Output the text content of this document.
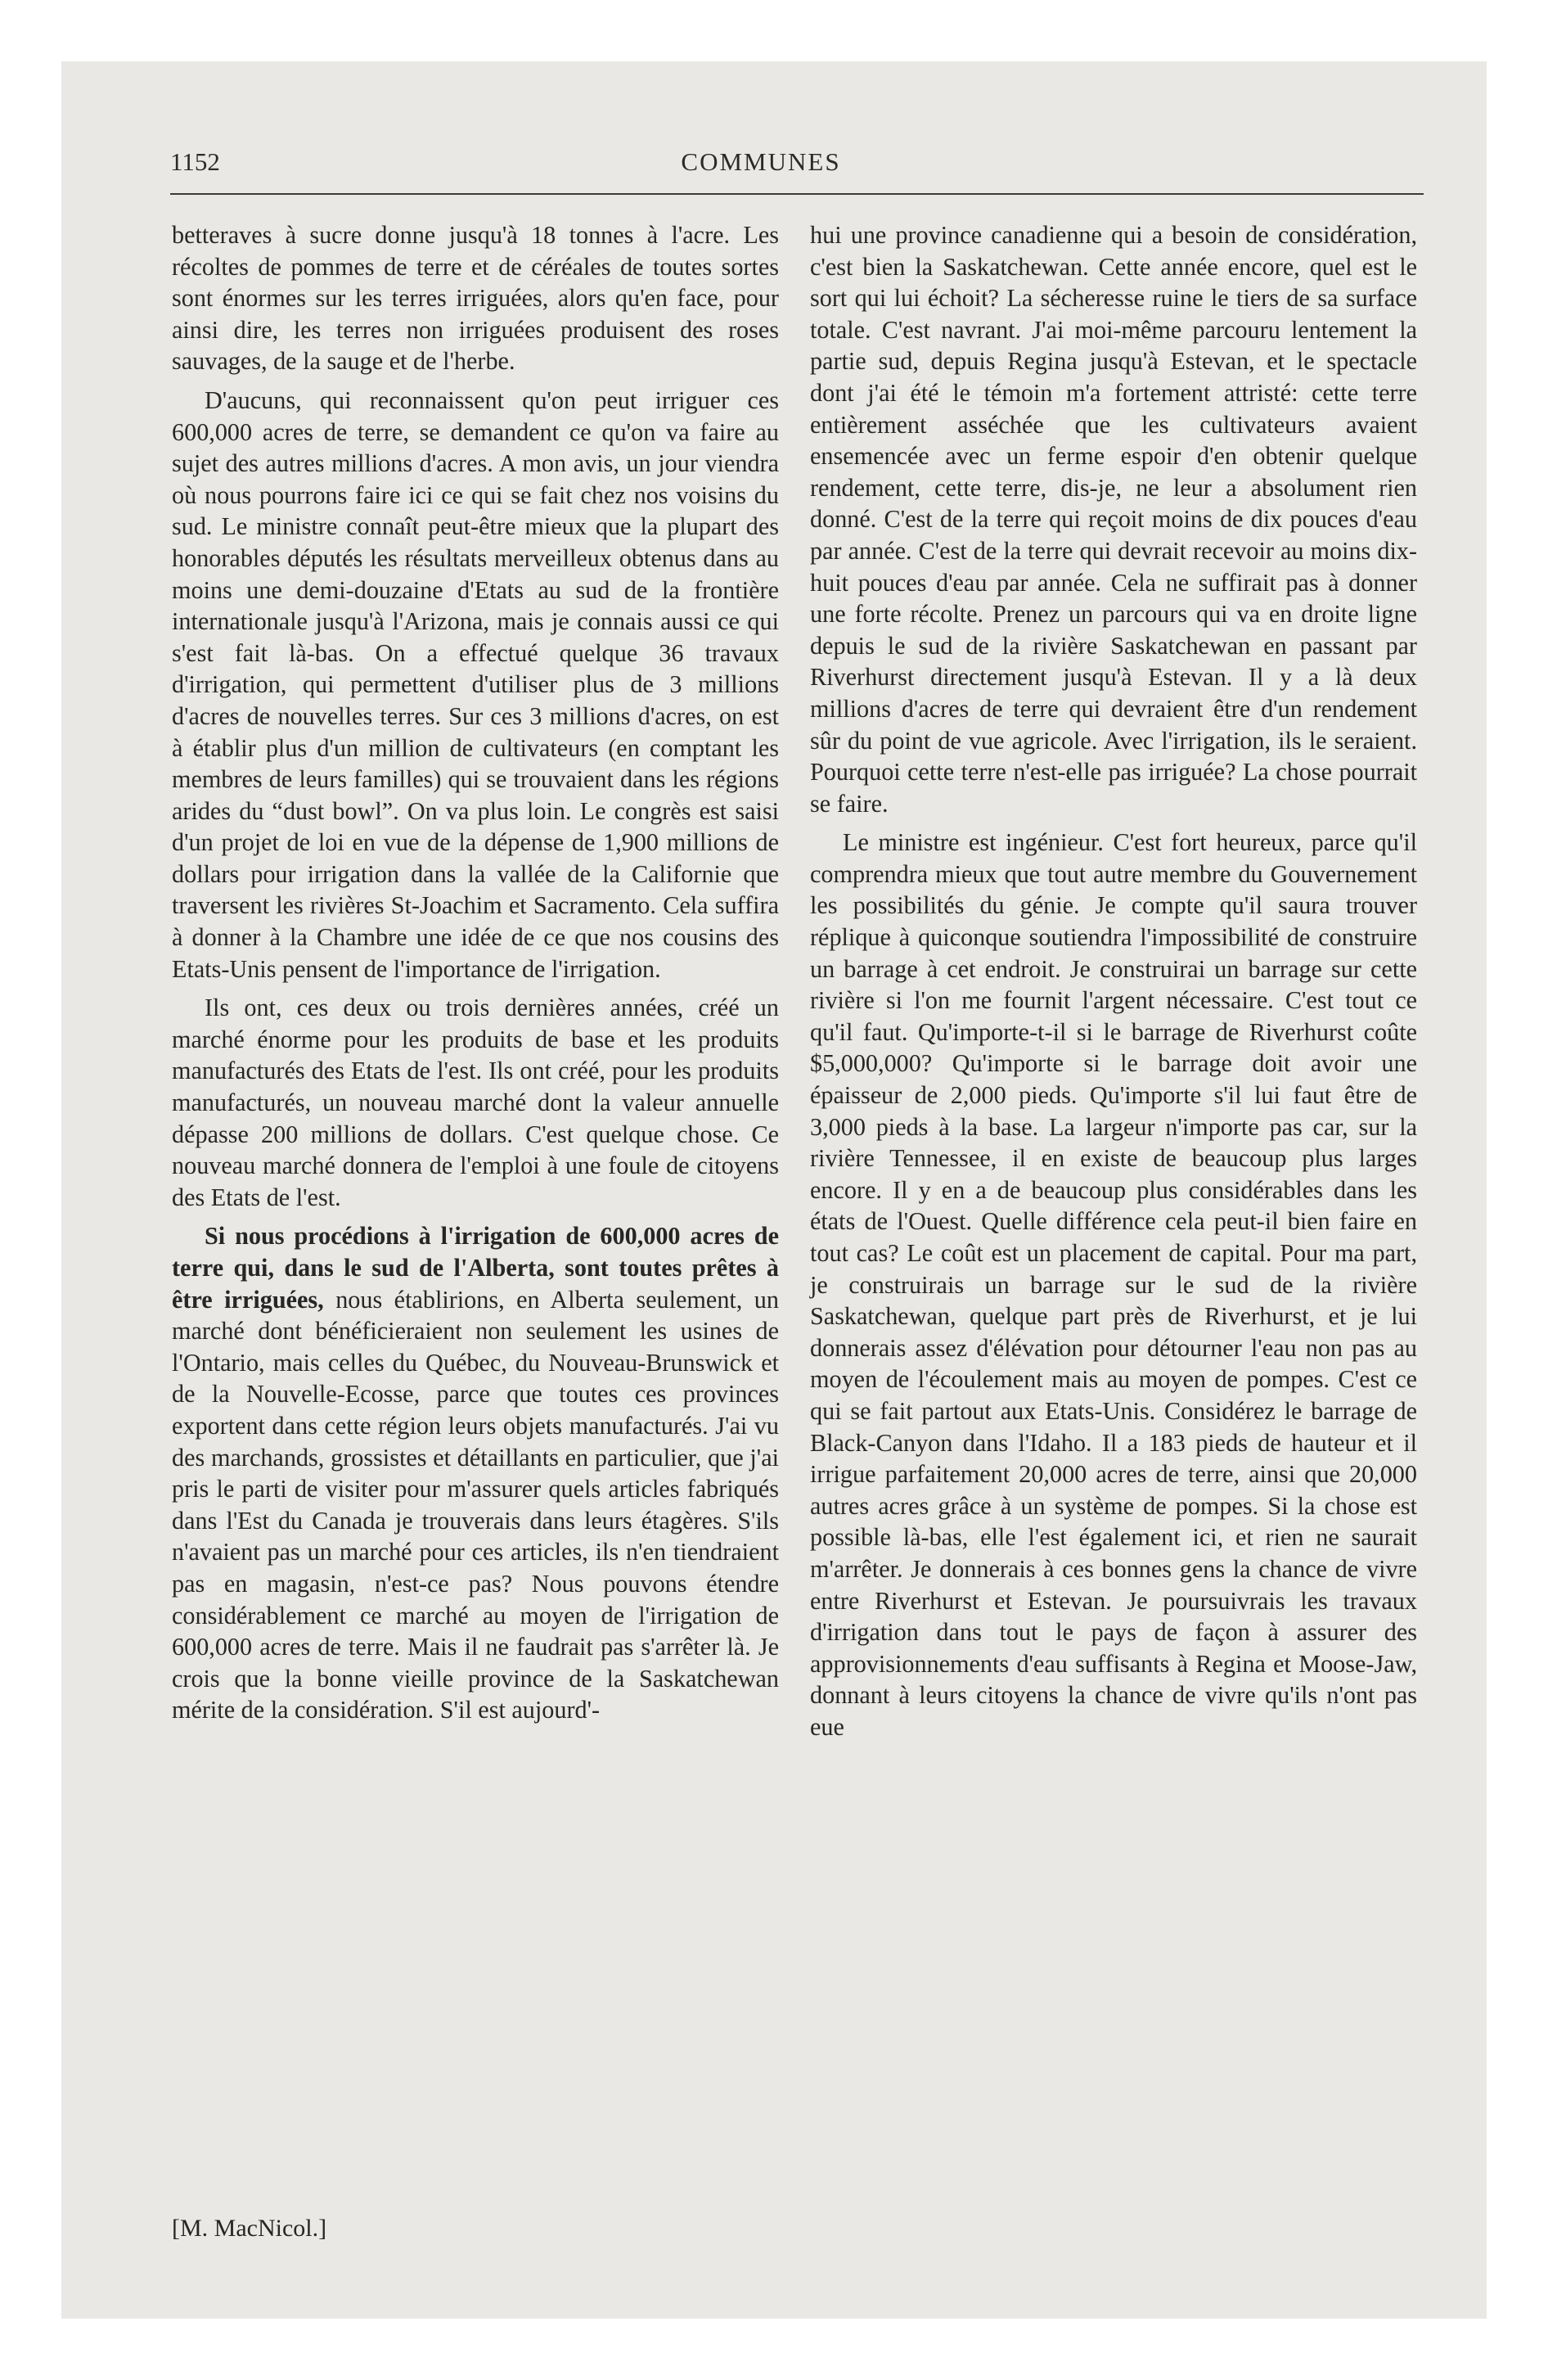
1152	COMMUNES

betteraves à sucre donne jusqu'à 18 tonnes à l'acre. Les récoltes de pommes de terre et de céréales de toutes sortes sont énormes sur les terres irriguées, alors qu'en face, pour ainsi dire, les terres non irriguées produisent des roses sauvages, de la sauge et de l'herbe.

D'aucuns, qui reconnaissent qu'on peut irriguer ces 600,000 acres de terre, se demandent ce qu'on va faire au sujet des autres millions d'acres. A mon avis, un jour viendra où nous pourrons faire ici ce qui se fait chez nos voisins du sud. Le ministre connaît peut-être mieux que la plupart des honorables députés les résultats merveilleux obtenus dans au moins une demi-douzaine d'Etats au sud de la frontière internationale jusqu'à l'Arizona, mais je connais aussi ce qui s'est fait là-bas. On a effectué quelque 36 travaux d'irrigation, qui permettent d'utiliser plus de 3 millions d'acres de nouvelles terres. Sur ces 3 millions d'acres, on est à établir plus d'un million de cultivateurs (en comptant les membres de leurs familles) qui se trouvaient dans les régions arides du “dust bowl”. On va plus loin. Le congrès est saisi d'un projet de loi en vue de la dépense de 1,900 millions de dollars pour irrigation dans la vallée de la Californie que traversent les rivières St-Joachim et Sacramento. Cela suffira à donner à la Chambre une idée de ce que nos cousins des Etats-Unis pensent de l'importance de l'irrigation.

Ils ont, ces deux ou trois dernières années, créé un marché énorme pour les produits de base et les produits manufacturés des Etats de l'est. Ils ont créé, pour les produits manufacturés, un nouveau marché dont la valeur annuelle dépasse 200 millions de dollars. C'est quelque chose. Ce nouveau marché donnera de l'emploi à une foule de citoyens des Etats de l'est.

Si nous procédions à l'irrigation de 600,000 acres de terre qui, dans le sud de l'Alberta, sont toutes prêtes à être irriguées, nous établirions, en Alberta seulement, un marché dont bénéficieraient non seulement les usines de l'Ontario, mais celles du Québec, du Nouveau-Brunswick et de la Nouvelle-Ecosse, parce que toutes ces provinces exportent dans cette région leurs objets manufacturés. J'ai vu des marchands, grossistes et détaillants en particulier, que j'ai pris le parti de visiter pour m'assurer quels articles fabriqués dans l'Est du Canada je trouverais dans leurs étagères. S'ils n'avaient pas un marché pour ces articles, ils n'en tiendraient pas en magasin, n'est-ce pas? Nous pouvons étendre considérablement ce marché au moyen de l'irrigation de 600,000 acres de terre. Mais il ne faudrait pas s'arrêter là. Je crois que la bonne vieille province de la Saskatchewan mérite de la considération. S'il est aujourd'-

hui une province canadienne qui a besoin de considération, c'est bien la Saskatchewan. Cette année encore, quel est le sort qui lui échoit? La sécheresse ruine le tiers de sa surface totale. C'est navrant. J'ai moi-même parcouru lentement la partie sud, depuis Regina jusqu'à Estevan, et le spectacle dont j'ai été le témoin m'a fortement attristé: cette terre entièrement asséchée que les cultivateurs avaient ensemencée avec un ferme espoir d'en obtenir quelque rendement, cette terre, dis-je, ne leur a absolument rien donné. C'est de la terre qui reçoit moins de dix pouces d'eau par année. C'est de la terre qui devrait recevoir au moins dix-huit pouces d'eau par année. Cela ne suffirait pas à donner une forte récolte. Prenez un parcours qui va en droite ligne depuis le sud de la rivière Saskatchewan en passant par Riverhurst directement jusqu'à Estevan. Il y a là deux millions d'acres de terre qui devraient être d'un rendement sûr du point de vue agricole. Avec l'irrigation, ils le seraient. Pourquoi cette terre n'est-elle pas irriguée? La chose pourrait se faire.

Le ministre est ingénieur. C'est fort heureux, parce qu'il comprendra mieux que tout autre membre du Gouvernement les possibilités du génie. Je compte qu'il saura trouver réplique à quiconque soutiendra l'impossibilité de construire un barrage à cet endroit. Je construirai un barrage sur cette rivière si l'on me fournit l'argent nécessaire. C'est tout ce qu'il faut. Qu'importe-t-il si le barrage de Riverhurst coûte $5,000,000? Qu'importe si le barrage doit avoir une épaisseur de 2,000 pieds. Qu'importe s'il lui faut être de 3,000 pieds à la base. La largeur n'importe pas car, sur la rivière Tennessee, il en existe de beaucoup plus larges encore. Il y en a de beaucoup plus considérables dans les états de l'Ouest. Quelle différence cela peut-il bien faire en tout cas? Le coût est un placement de capital. Pour ma part, je construirais un barrage sur le sud de la rivière Saskatchewan, quelque part près de Riverhurst, et je lui donnerais assez d'élévation pour détourner l'eau non pas au moyen de l'écoulement mais au moyen de pompes. C'est ce qui se fait partout aux Etats-Unis. Considérez le barrage de Black-Canyon dans l'Idaho. Il a 183 pieds de hauteur et il irrigue parfaitement 20,000 acres de terre, ainsi que 20,000 autres acres grâce à un système de pompes. Si la chose est possible là-bas, elle l'est également ici, et rien ne saurait m'arrêter. Je donnerais à ces bonnes gens la chance de vivre entre Riverhurst et Estevan. Je poursuivrais les travaux d'irrigation dans tout le pays de façon à assurer des approvisionnements d'eau suffisants à Regina et Moose-Jaw, donnant à leurs citoyens la chance de vivre qu'ils n'ont pas eue

[M. MacNicol.]
